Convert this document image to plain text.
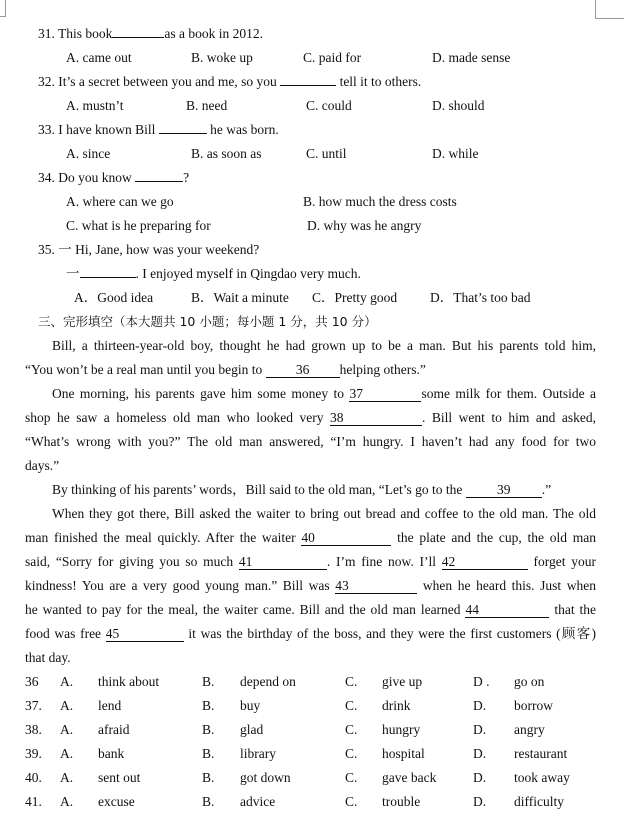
31. This book	as a book in 2012.
A. came out	B. woke up	C. paid for	D. made sense
32. It’s a secret between you and me, so you	tell it to others.
A. mustn’t	B. need	C. could	D. should
33. I have known Bill	he was born.
A. since	B. as soon as	C. until	D. while
34. Do you know	?
A. where can we go	B. how much the dress costs
C. what is he preparing for	D. why was he angry
35. 一 Hi, Jane, how was your weekend?
一	. I enjoyed myself in Qingdao very much.
A．Good idea	B．Wait a minute C．Pretty good D．That’s too bad
三、完形填空（本大题共 10 小题；每小题 1 分，共 10 分）
Bill, a thirteen-year-old boy, thought he had grown up to be a man. But his parents told him,
“You won’t be a real man until you begin to 36 helping others.”
One morning, his parents gave him some money to 37	some milk for them. Outside a
shop he saw a homeless old man who looked very 38	. Bill went to him and asked,
“What’s wrong with you?” The old man answered, “I’m hungry. I haven’t had any food for two
days.”
By thinking of his parents’ words，Bill said to the old man, “Let’s go to the	39 .”
When they got there, Bill asked the waiter to bring out bread and coffee to the old man. The old
man finished the meal quickly. After the waiter 40	the plate and the cup, the old man
said, “Sorry for giving you so much 41	. I’m fine now. I’ll 42	forget your
kindness! You are a very good young man.” Bill was 43	when he heard this. Just when
he wanted to pay for the meal, the waiter came. Bill and the old man learned 44	that the
food was free 45	it was the birthday of the boss, and they were the first customers (顾客)
that day.
36 A. think about	B. depend on	C. give up	D . go on
37. A. lend	B. buy	C. drink	D. borrow
38. A. afraid	B. glad	C. hungry	D. angry
39. A. bank	B. library	C. hospital	D. restaurant
40. A. sent out	B. got down	C. gave back	D. took away
41. A. excuse	B. advice	C. trouble	D. difficulty
